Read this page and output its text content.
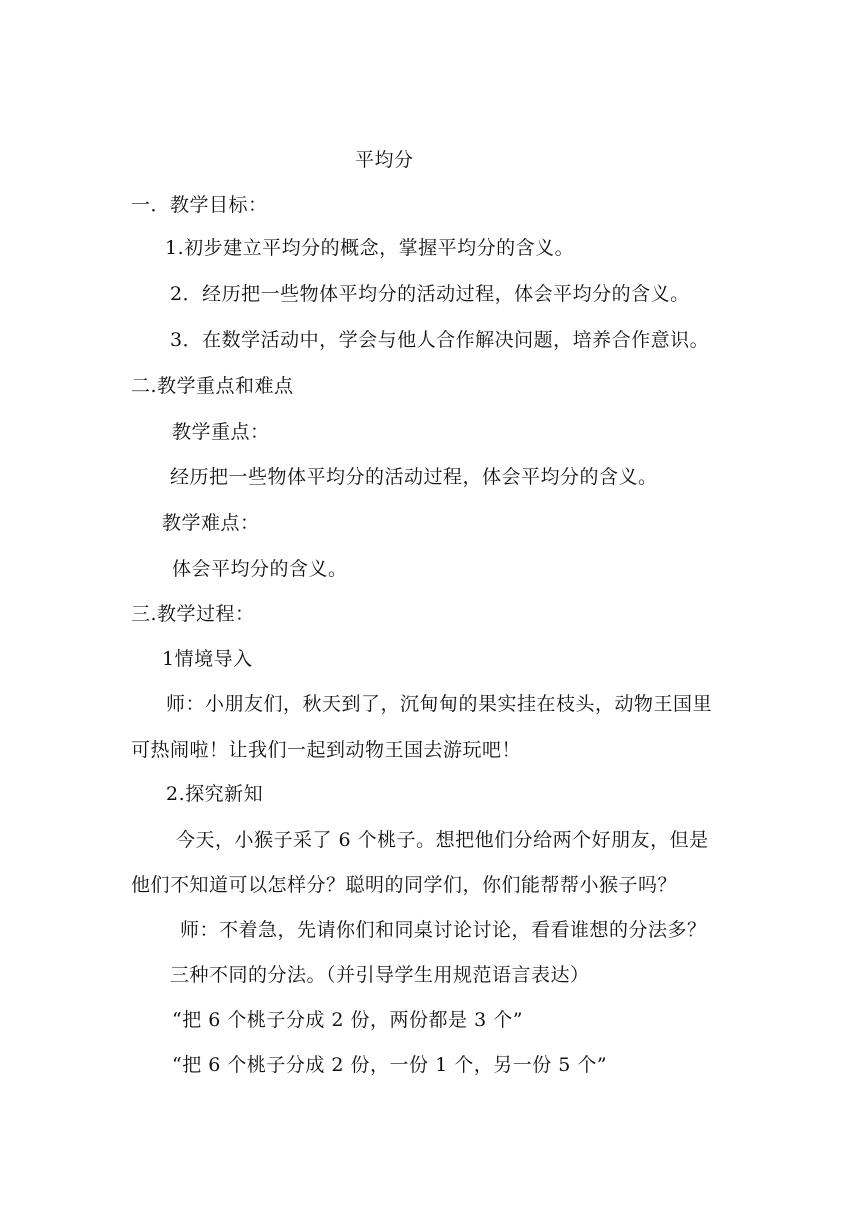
平均分
一．教学目标：
1.初步建立平均分的概念，掌握平均分的含义。
2．经历把一些物体平均分的活动过程，体会平均分的含义。
3．在数学活动中，学会与他人合作解决问题，培养合作意识。
二.教学重点和难点
教学重点：
经历把一些物体平均分的活动过程，体会平均分的含义。
教学难点：
体会平均分的含义。
三.教学过程：
1情境导入
师：小朋友们，秋天到了，沉甸甸的果实挂在枝头，动物王国里
可热闹啦！让我们一起到动物王国去游玩吧！
2.探究新知
今天，小猴子采了 6 个桃子。想把他们分给两个好朋友，但是
他们不知道可以怎样分？聪明的同学们，你们能帮帮小猴子吗？
师：不着急，先请你们和同桌讨论讨论，看看谁想的分法多？
三种不同的分法。（并引导学生用规范语言表达）
“把 6 个桃子分成 2 份，两份都是 3 个”
“把 6 个桃子分成 2 份，一份 1 个，另一份 5 个”
